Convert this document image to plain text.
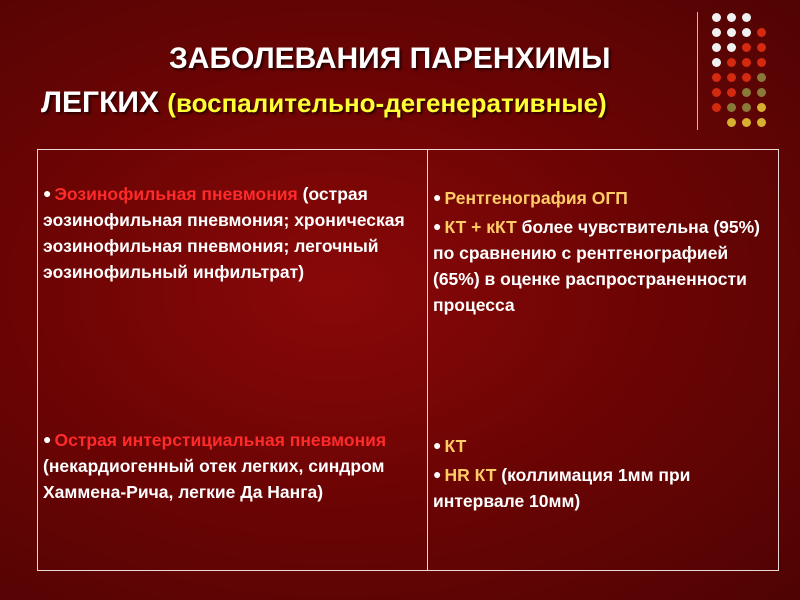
ЗАБОЛЕВАНИЯ ПАРЕНХИМЫ
ЛЕГКИХ (воспалительно-дегенеративные)
● Эозинофильная пневмония (острая эозинофильная пневмония; хроническая эозинофильная пневмония; легочный эозинофильный инфильтрат)
● Острая интерстициальная пневмония (некардиогенный отек легких, синдром Хаммена-Рича, легкие Да Нанга)
● Рентгенография ОГП
● КТ + кКТ более чувствительна (95%) по сравнению с рентгенографией (65%) в оценке распространенности процесса
● КТ
● HR КТ (коллимация 1мм при интервале 10мм)
